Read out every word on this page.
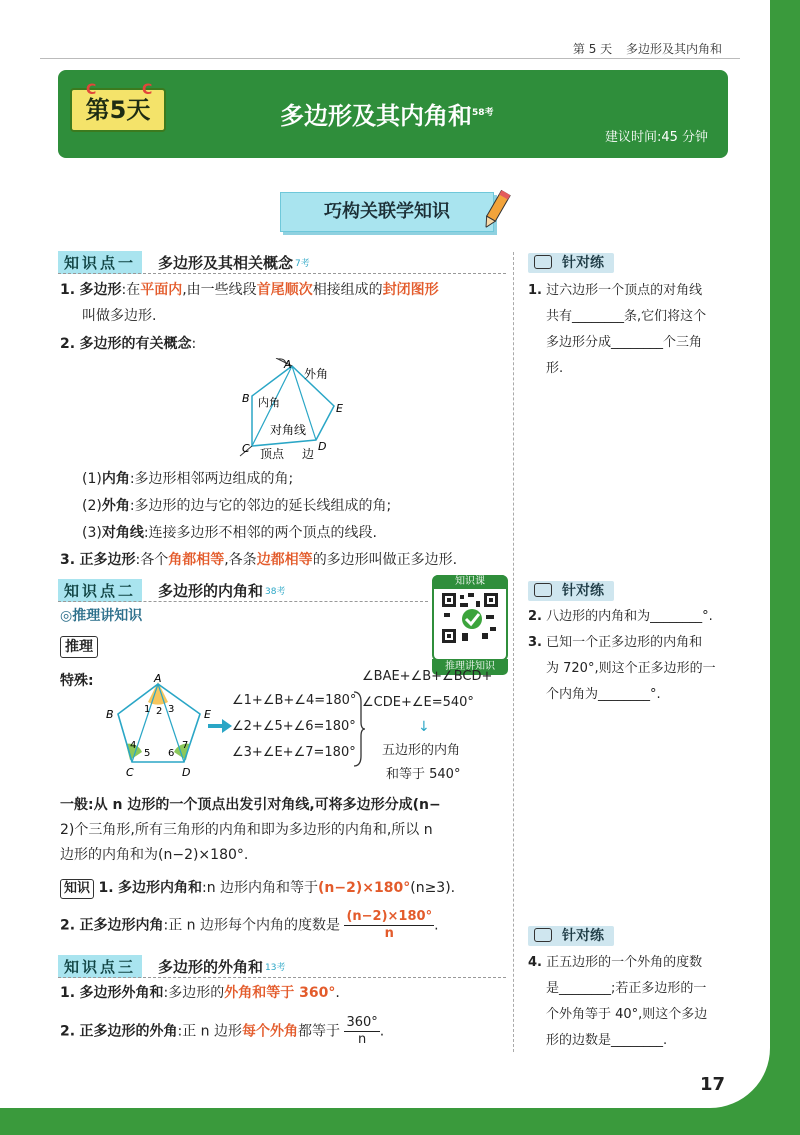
第 5 天 多边形及其内角和
C	C
第5天	多边形及其内角和$^{58考}$
建议时间:45 分钟
巧构关联学知识
知识点一	多边形及其相关概念 7考
1. 多边形:在平面内,由一些线段首尾顺次相接组成的封闭图形
叫做多边形.
2. 多边形的有关概念:
A
B
C	D
E
外角
内角
对角线
顶点 边
(1)内角:多边形相邻两边组成的角;
(2)外角:多边形的边与它的邻边的延长线组成的角;
(3)对角线:连接多边形不相邻的两个顶点的线段.
3. 正多边形:各个角都相等,各条边都相等的多边形叫做正多边形.
知识点二	多边形的内角和 38考
知识课
推理讲知识
◎推理讲知识
推理
特殊:	A
B
C	D
E
1 2 3
4
5 6
7
∠1+∠B+∠4=180°
∠2+∠5+∠6=180°
∠3+∠E+∠7=180°
∠BAE+∠B+∠BCD+
∠CDE+∠E=540°
↓
五边形的内角
和等于 540°
一般:从 n 边形的一个顶点出发引对角线,可将多边形分成(n−
2)个三角形,所有三角形的内角和即为多边形的内角和,所以 n
边形的内角和为(n−2)×180°.
知识 1. 多边形内角和:n 边形内角和等于(n−2)×180°(n≥3).
2. 正多边形内角:正 n 边形每个内角的度数是 $\frac{(n-2)\times 180^\circ}{n}$.
知识点三	多边形的外角和 13考
1. 多边形外角和:多边形的外角和等于 360°.
2. 正多边形的外角:正 n 边形每个外角都等于 $\frac{360^\circ}{n}$.
针对练
1. 过六边形一个顶点的对角线
共有________条,它们将这个
多边形分成________个三角
形.
针对练
2. 八边形的内角和为________°.
3. 已知一个正多边形的内角和
为 720°,则这个正多边形的一
个内角为________°.
针对练
4. 正五边形的一个外角的度数
是________;若正多边形的一
个外角等于 40°,则这个多边
形的边数是________.
17
